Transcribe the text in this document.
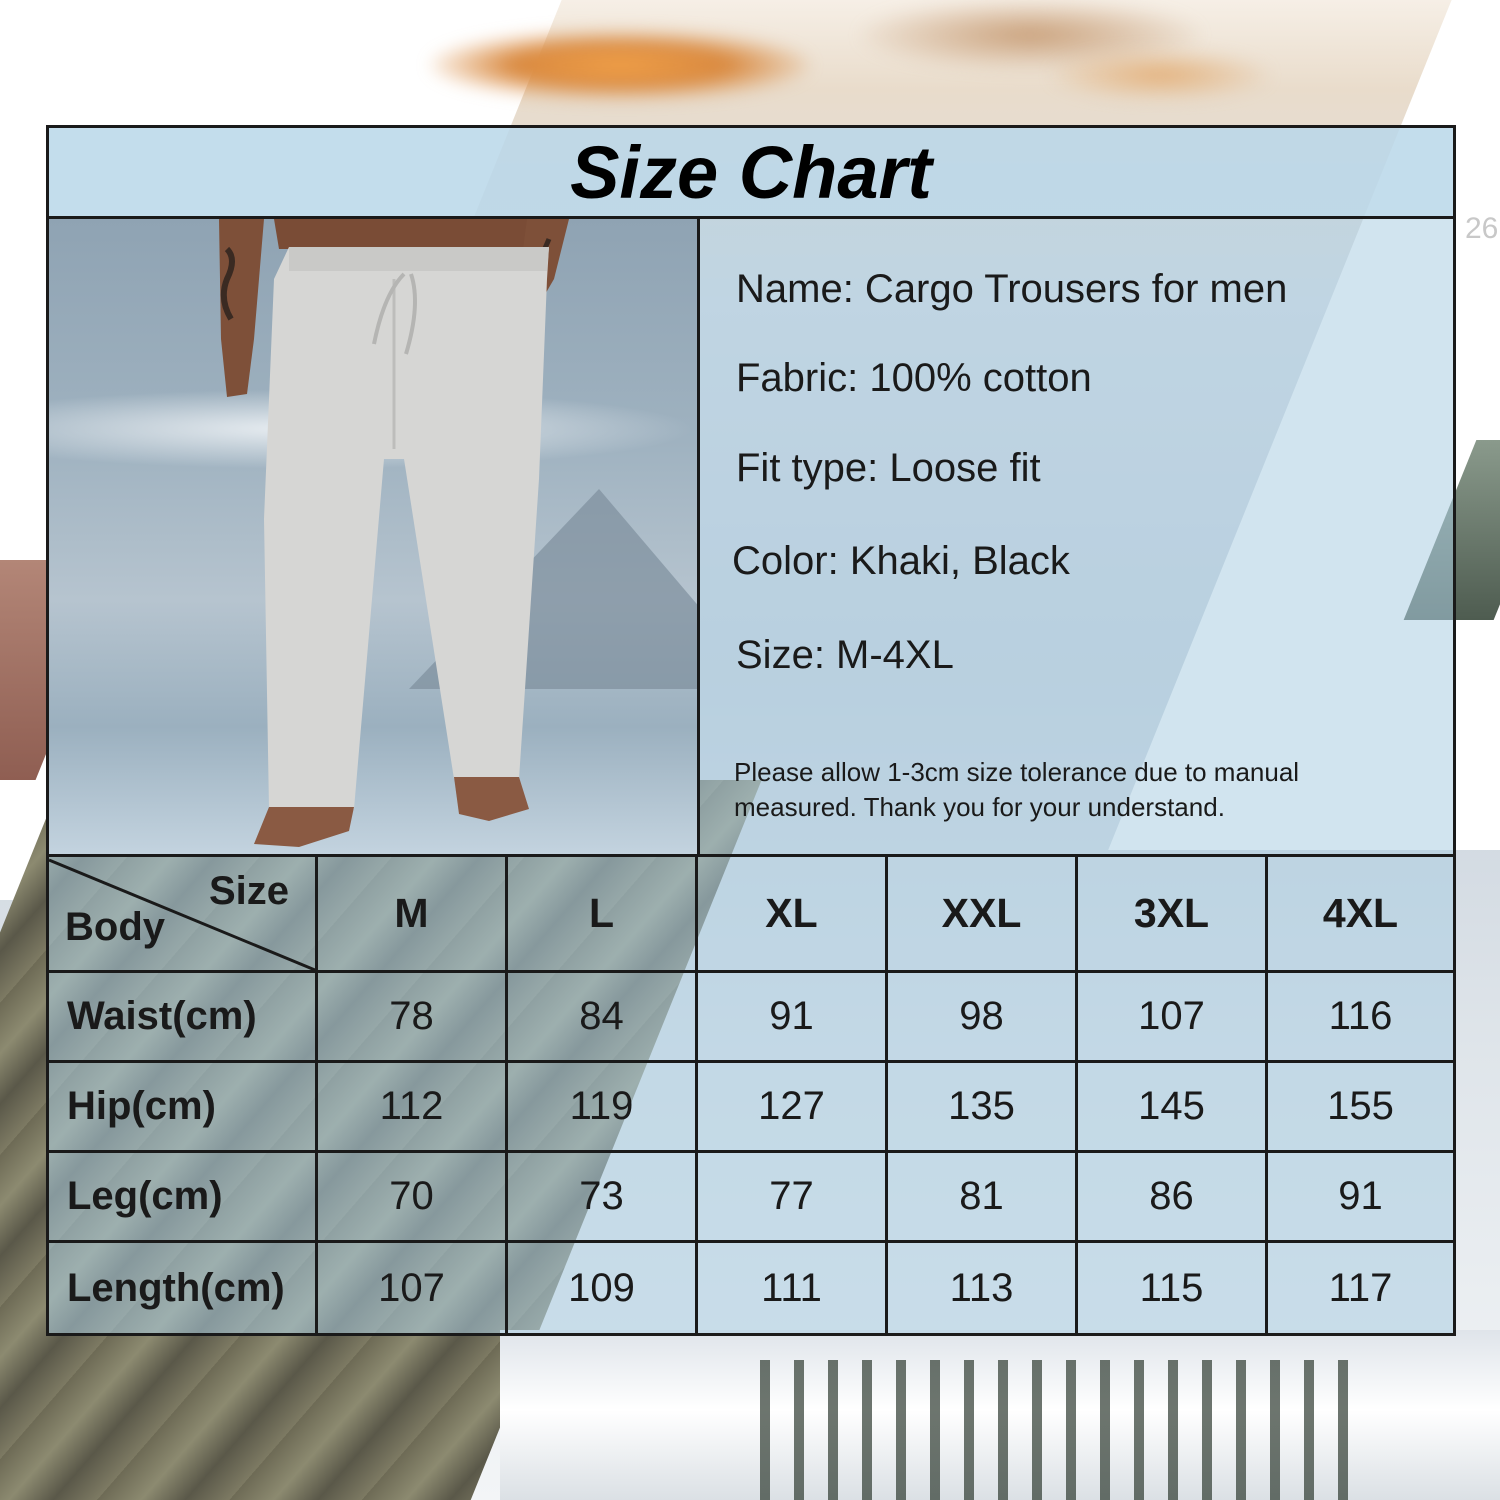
26
Size Chart
Name: Cargo Trousers for men
Fabric: 100% cotton
Fit type: Loose fit
Color: Khaki, Black
Size: M-4XL
Please allow 1-3cm size tolerance due to manual measured. Thank you for your understand.
Size
Body	M	L	XL	XXL	3XL	4XL
Waist(cm)	78	84	91	98	107	116
Hip(cm)	112	119	127	135	145	155
Leg(cm)	70	73	77	81	86	91
Length(cm)	107	109	111	113	115	117
